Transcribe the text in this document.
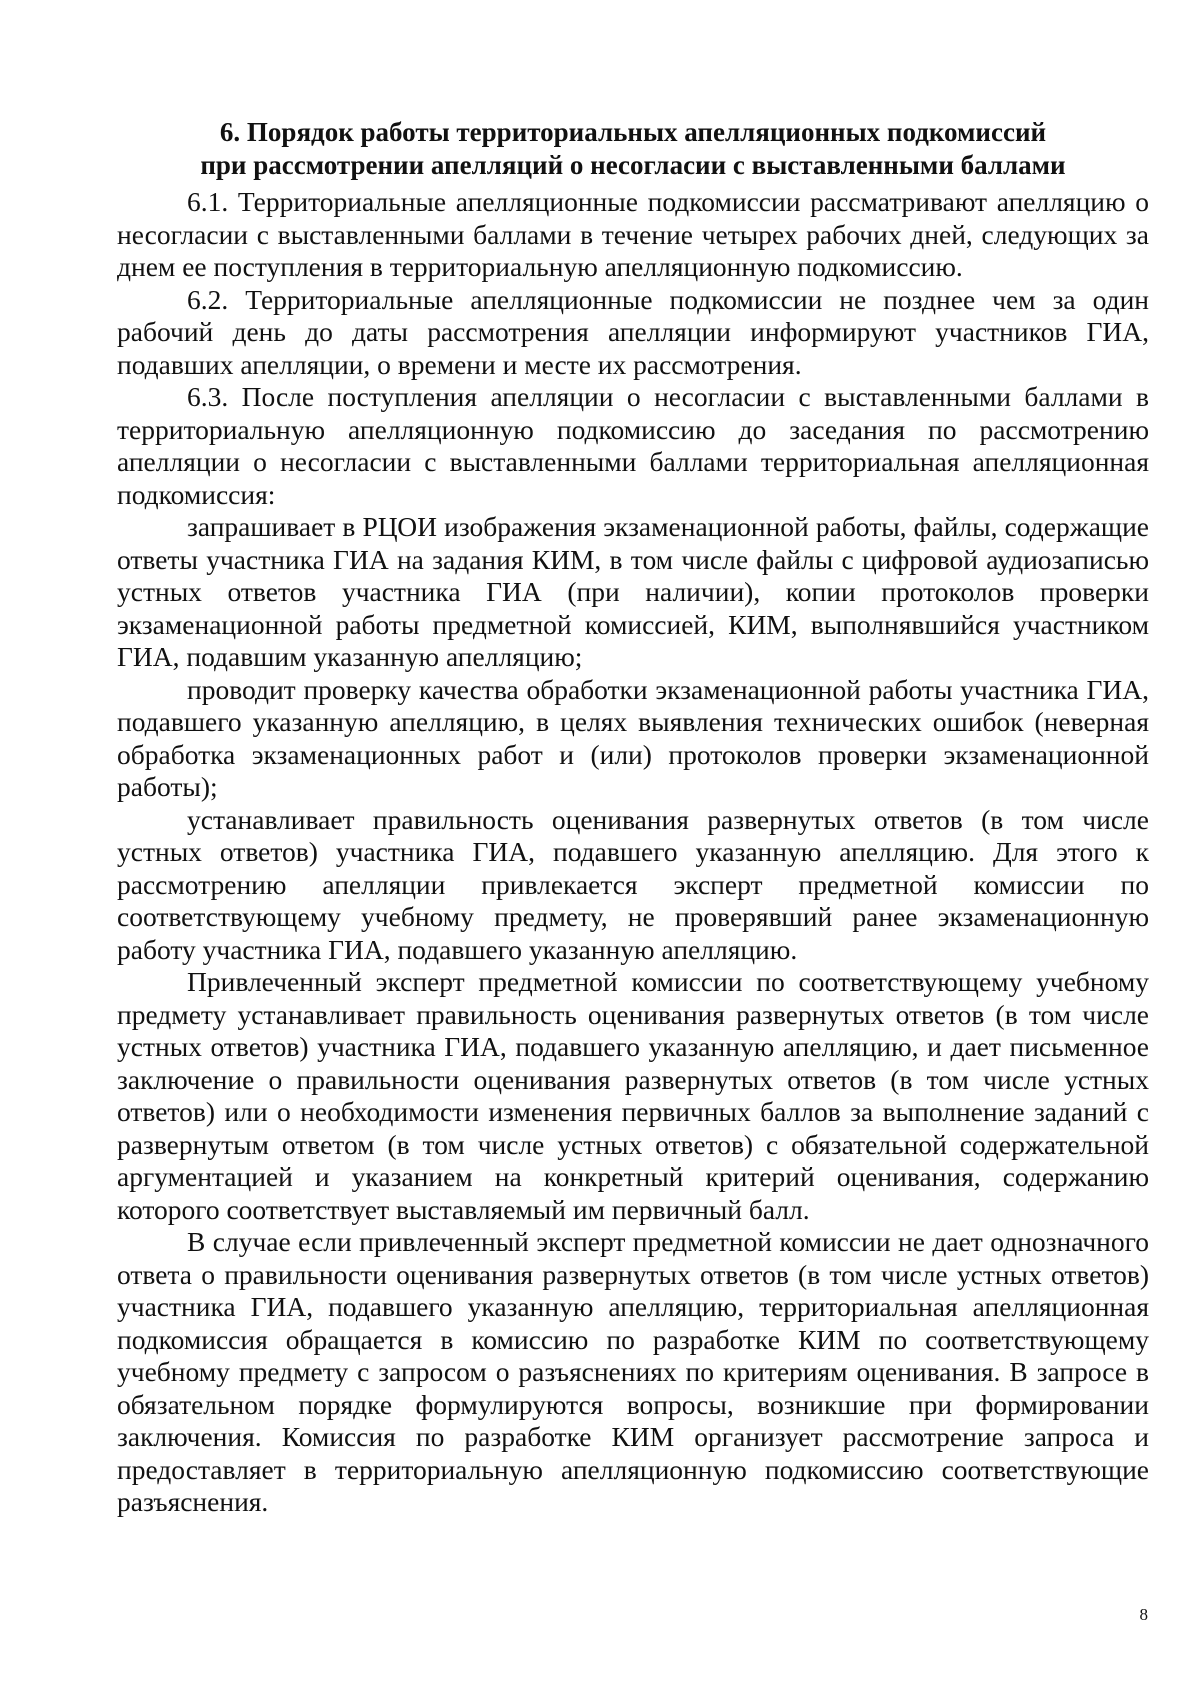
6. Порядок работы территориальных апелляционных подкомиссий
при рассмотрении апелляций о несогласии с выставленными баллами

6.1. Территориальные апелляционные подкомиссии рассматривают апелляцию о несогласии с выставленными баллами в течение четырех рабочих дней, следующих за днем ее поступления в территориальную апелляционную подкомиссию.

6.2. Территориальные апелляционные подкомиссии не позднее чем за один рабочий день до даты рассмотрения апелляции информируют участников ГИА, подавших апелляции, о времени и месте их рассмотрения.

6.3. После поступления апелляции о несогласии с выставленными баллами в территориальную апелляционную подкомиссию до заседания по рассмотрению апелляции о несогласии с выставленными баллами территориальная апелляционная подкомиссия:

запрашивает в РЦОИ изображения экзаменационной работы, файлы, содержащие ответы участника ГИА на задания КИМ, в том числе файлы с цифровой аудиозаписью устных ответов участника ГИА (при наличии), копии протоколов проверки экзаменационной работы предметной комиссией, КИМ, выполнявшийся участником ГИА, подавшим указанную апелляцию;

проводит проверку качества обработки экзаменационной работы участника ГИА, подавшего указанную апелляцию, в целях выявления технических ошибок (неверная обработка экзаменационных работ и (или) протоколов проверки экзаменационной работы);

устанавливает правильность оценивания развернутых ответов (в том числе устных ответов) участника ГИА, подавшего указанную апелляцию. Для этого к рассмотрению апелляции привлекается эксперт предметной комиссии по соответствующему учебному предмету, не проверявший ранее экзаменационную работу участника ГИА, подавшего указанную апелляцию.

Привлеченный эксперт предметной комиссии по соответствующему учебному предмету устанавливает правильность оценивания развернутых ответов (в том числе устных ответов) участника ГИА, подавшего указанную апелляцию, и дает письменное заключение о правильности оценивания развернутых ответов (в том числе устных ответов) или о необходимости изменения первичных баллов за выполнение заданий с развернутым ответом (в том числе устных ответов) с обязательной содержательной аргументацией и указанием на конкретный критерий оценивания, содержанию которого соответствует выставляемый им первичный балл.

В случае если привлеченный эксперт предметной комиссии не дает однозначного ответа о правильности оценивания развернутых ответов (в том числе устных ответов) участника ГИА, подавшего указанную апелляцию, территориальная апелляционная подкомиссия обращается в комиссию по разработке КИМ по соответствующему учебному предмету с запросом о разъяснениях по критериям оценивания. В запросе в обязательном порядке формулируются вопросы, возникшие при формировании заключения. Комиссия по разработке КИМ организует рассмотрение запроса и предоставляет в территориальную апелляционную подкомиссию соответствующие разъяснения.

8
